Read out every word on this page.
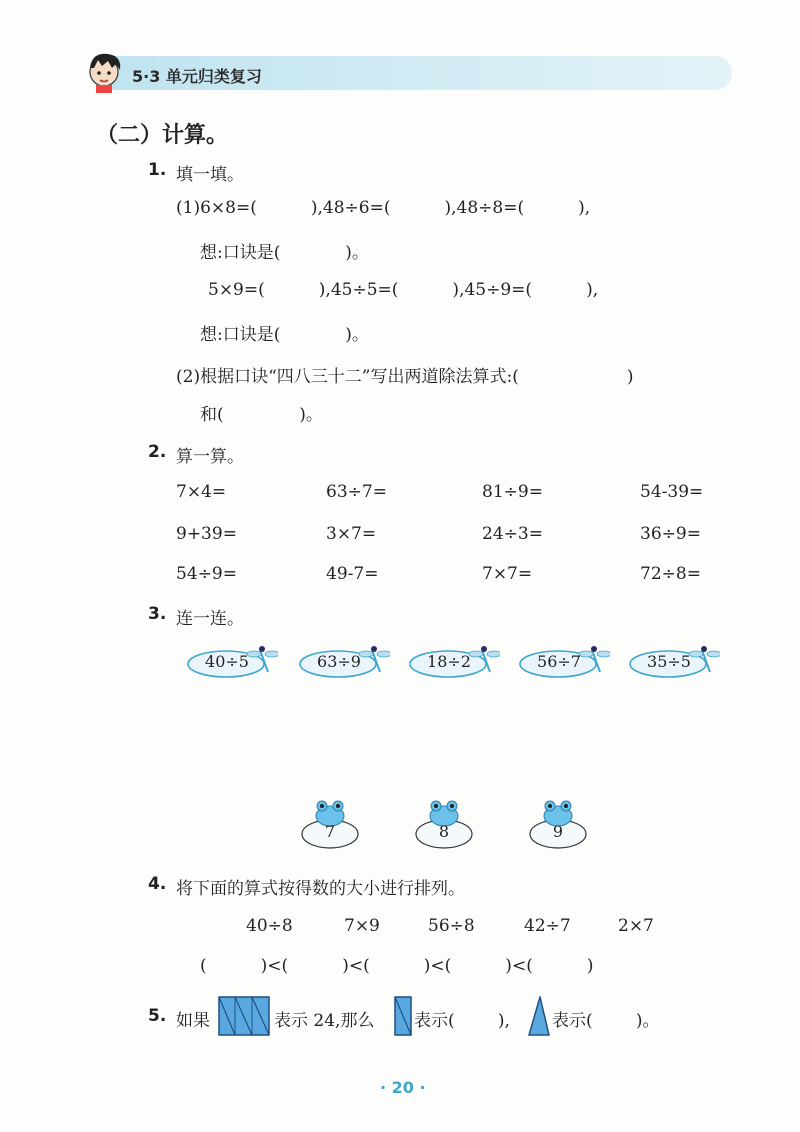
5·3 单元归类复习
（二）计算。
1. 填一填。
(1)6×8=(          ),48÷6=(          ),48÷8=(          ),
想:口诀是(            )。
5×9=(          ),45÷5=(          ),45÷9=(          ),
想:口诀是(            )。
(2)根据口诀“四八三十二”写出两道除法算式:(                    )
和(              )。
2. 算一算。
7×4=	63÷7=	81÷9=	54-39=
9+39=	3×7=	24÷3=	36÷9=
54÷9=	49-7=	7×7=	72÷8=
3. 连一连。
40÷5	63÷9	18÷2	56÷7	35÷5
7	8	9
4. 将下面的算式按得数的大小进行排列。
40÷8	7×9	56÷8	42÷7	2×7
(          )<(          )<(          )<(          )<(          )
5. 如果	表示 24,那么 表示(        ), 表示(        )。
· 20 ·
